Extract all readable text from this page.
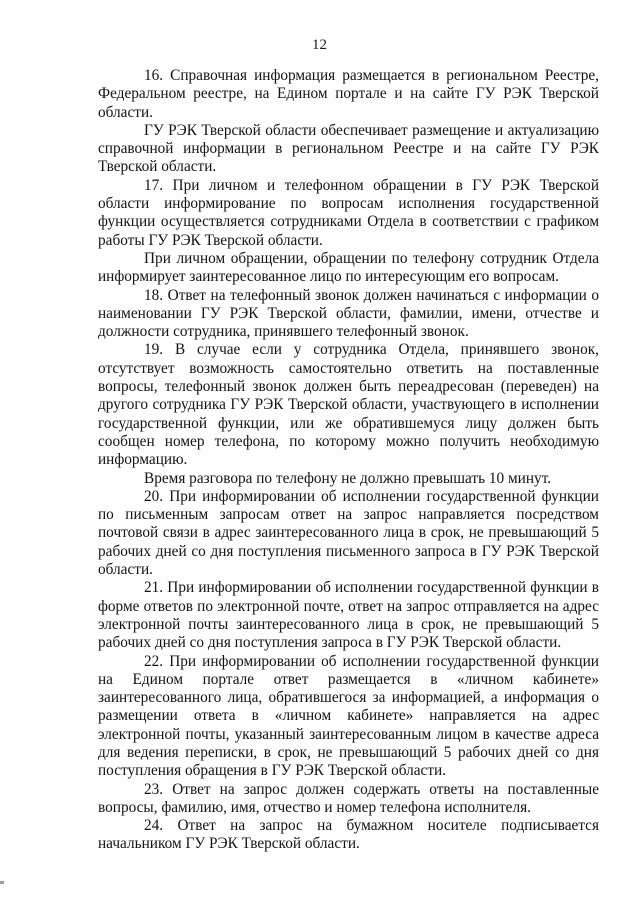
12

16. Справочная информация размещается в региональном Реестре, Федеральном реестре, на Едином портале и на сайте ГУ РЭК Тверской области.

ГУ РЭК Тверской области обеспечивает размещение и актуализацию справочной информации в региональном Реестре и на сайте ГУ РЭК Тверской области.

17. При личном и телефонном обращении в ГУ РЭК Тверской области информирование по вопросам исполнения государственной функции осуществляется сотрудниками Отдела в соответствии с графиком работы ГУ РЭК Тверской области.

При личном обращении, обращении по телефону сотрудник Отдела информирует заинтересованное лицо по интересующим его вопросам.

18. Ответ на телефонный звонок должен начинаться с информации о наименовании ГУ РЭК Тверской области, фамилии, имени, отчестве и должности сотрудника, принявшего телефонный звонок.

19. В случае если у сотрудника Отдела, принявшего звонок, отсутствует возможность самостоятельно ответить на поставленные вопросы, телефонный звонок должен быть переадресован (переведен) на другого сотрудника ГУ РЭК Тверской области, участвующего в исполнении государственной функции, или же обратившемуся лицу должен быть сообщен номер телефона, по которому можно получить необходимую информацию.

Время разговора по телефону не должно превышать 10 минут.

20. При информировании об исполнении государственной функции по письменным запросам ответ на запрос направляется посредством почтовой связи в адрес заинтересованного лица в срок, не превышающий 5 рабочих дней со дня поступления письменного запроса в ГУ РЭК Тверской области.

21. При информировании об исполнении государственной функции в форме ответов по электронной почте, ответ на запрос отправляется на адрес электронной почты заинтересованного лица в срок, не превышающий 5 рабочих дней со дня поступления запроса в ГУ РЭК Тверской области.

22. При информировании об исполнении государственной функции на Едином портале ответ размещается в «личном кабинете» заинтересованного лица, обратившегося за информацией, а информация о размещении ответа в «личном кабинете» направляется на адрес электронной почты, указанный заинтересованным лицом в качестве адреса для ведения переписки, в срок, не превышающий 5 рабочих дней со дня поступления обращения в ГУ РЭК Тверской области.

23. Ответ на запрос должен содержать ответы на поставленные вопросы, фамилию, имя, отчество и номер телефона исполнителя.

24. Ответ на запрос на бумажном носителе подписывается начальником ГУ РЭК Тверской области.
